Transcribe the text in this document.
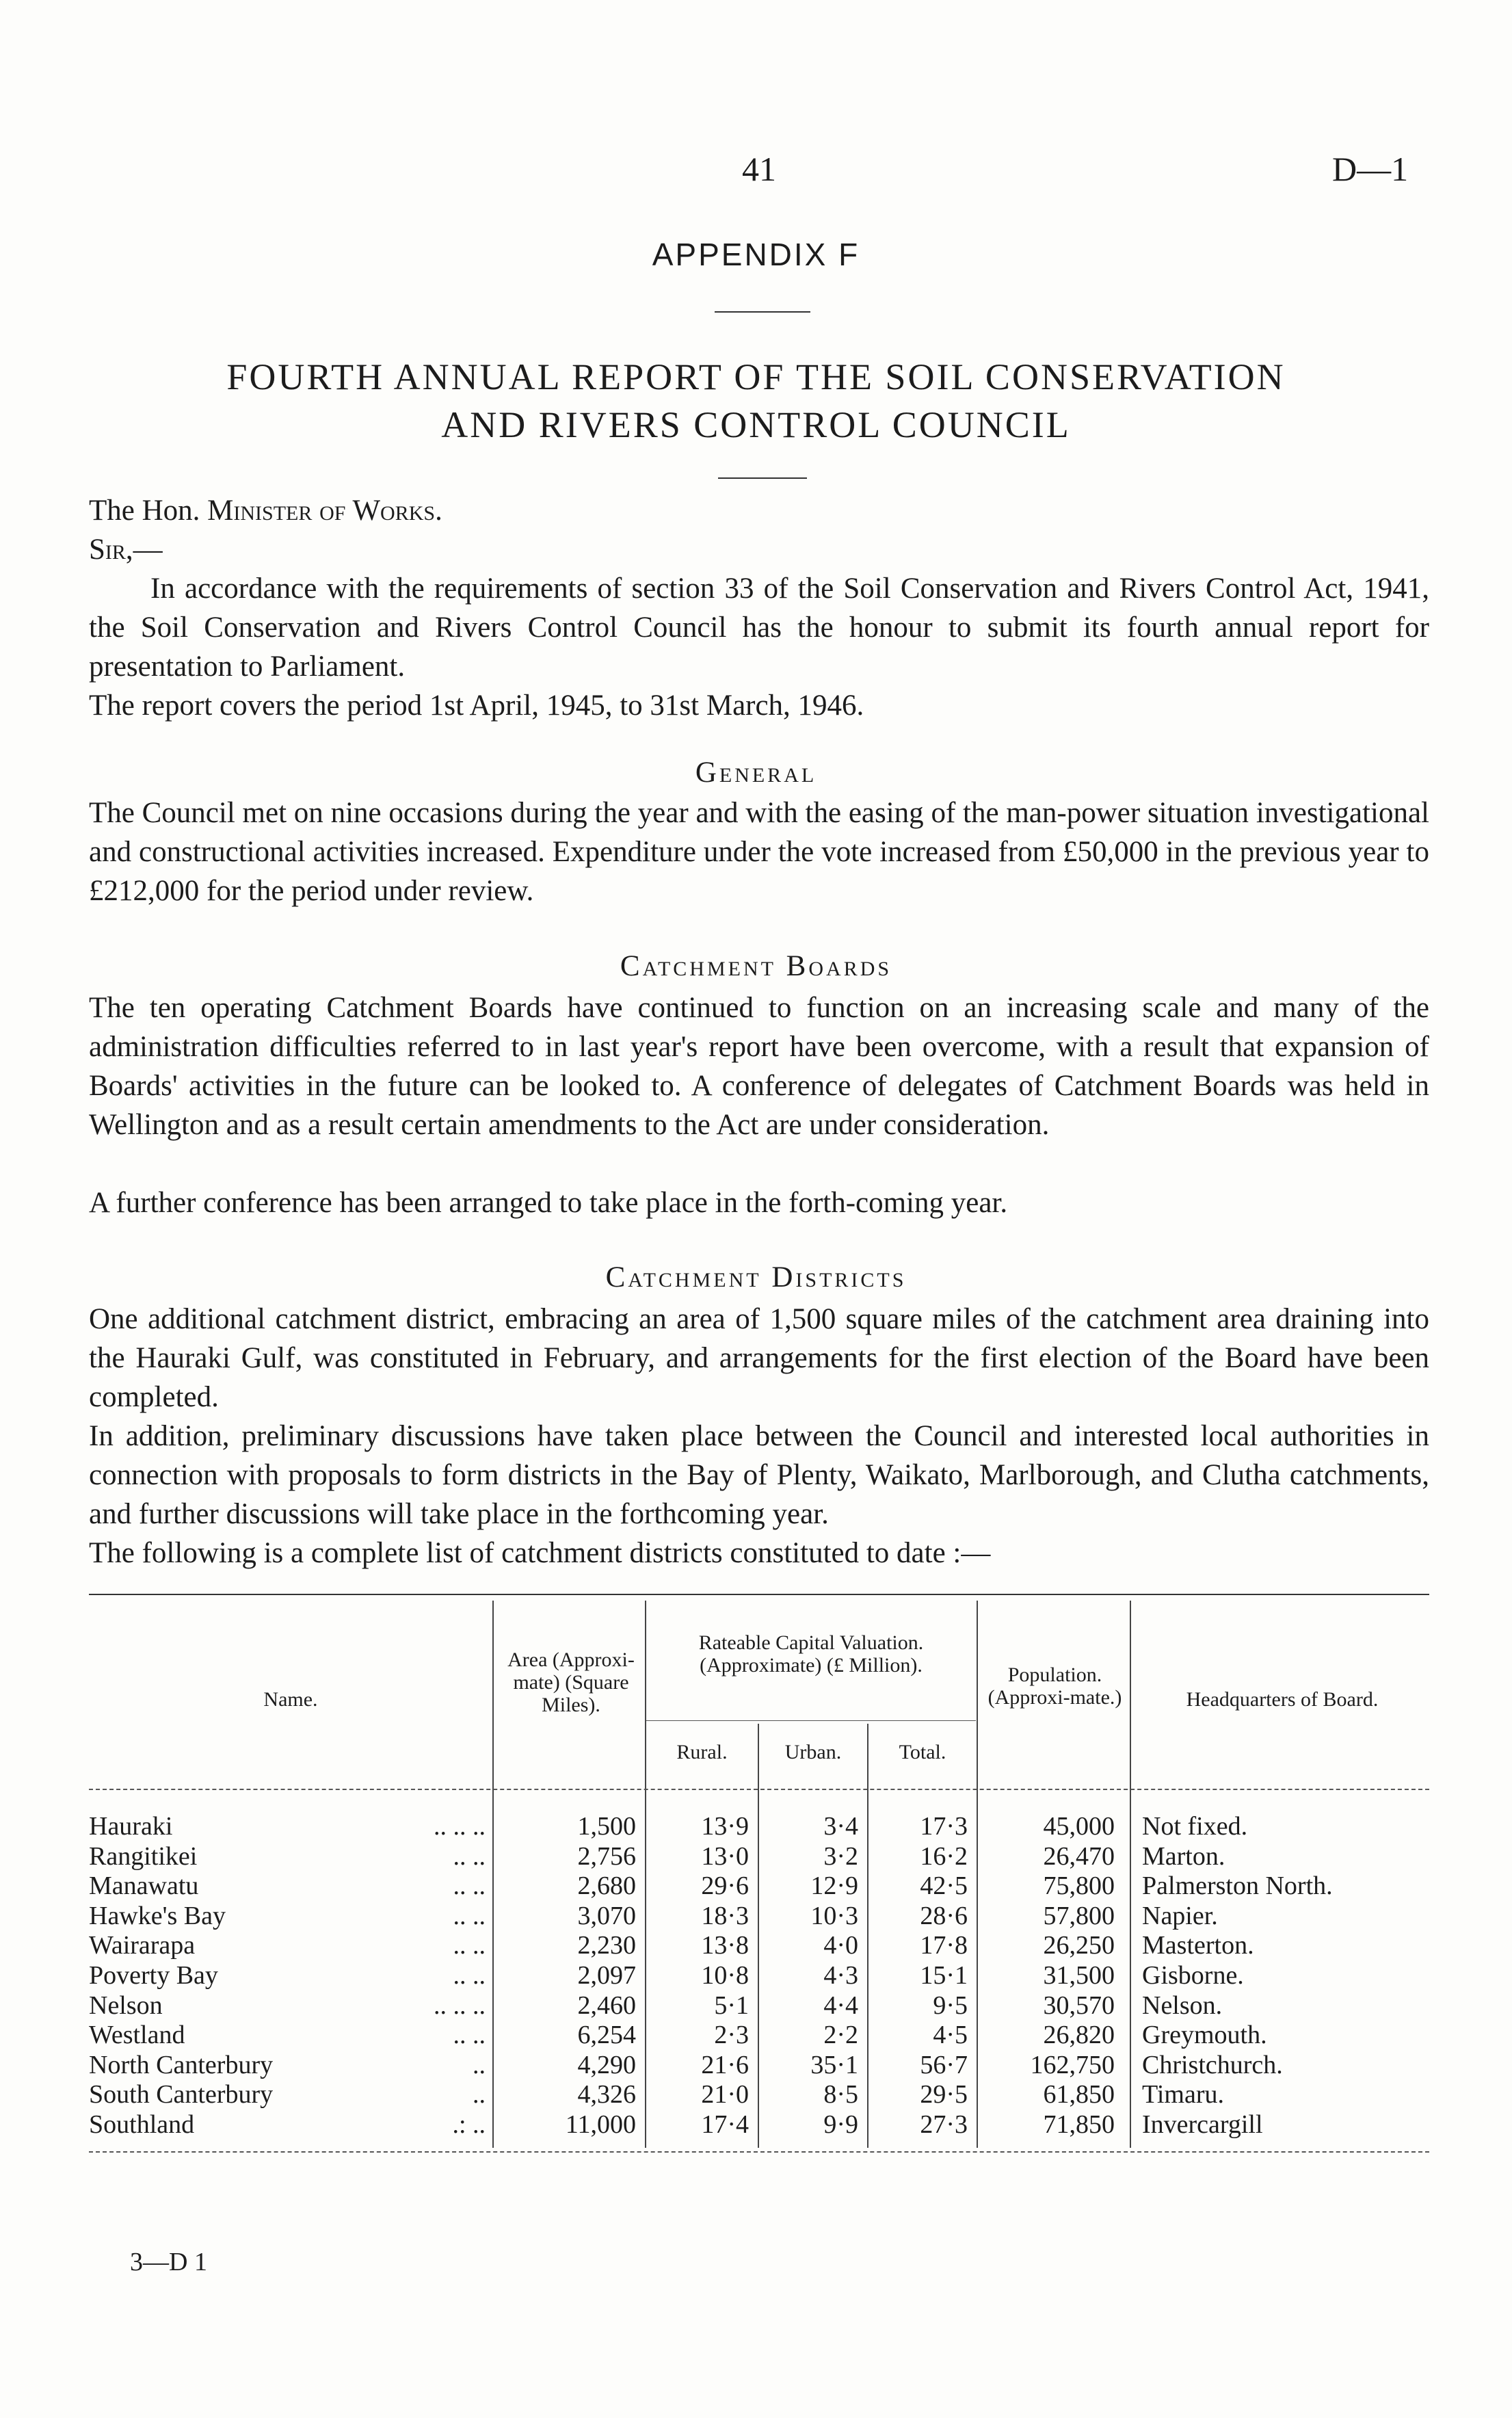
41	D—1
APPENDIX F
FOURTH ANNUAL REPORT OF THE SOIL CONSERVATION
AND RIVERS CONTROL COUNCIL
The Hon. Minister of Works.
Sir,—

In accordance with the requirements of section 33 of the Soil Conservation and Rivers Control Act, 1941, the Soil Conservation and Rivers Control Council has the honour to submit its fourth annual report for presentation to Parliament.

The report covers the period 1st April, 1945, to 31st March, 1946.

General

The Council met on nine occasions during the year and with the easing of the man-power situation investigational and constructional activities increased. Expenditure under the vote increased from £50,000 in the previous year to £212,000 for the period under review.

Catchment Boards

The ten operating Catchment Boards have continued to function on an increasing scale and many of the administration difficulties referred to in last year's report have been overcome, with a result that expansion of Boards' activities in the future can be looked to. A conference of delegates of Catchment Boards was held in Wellington and as a result certain amendments to the Act are under consideration.

A further conference has been arranged to take place in the forth-coming year.

Catchment Districts

One additional catchment district, embracing an area of 1,500 square miles of the catchment area draining into the Hauraki Gulf, was constituted in February, and arrangements for the first election of the Board have been completed.

In addition, preliminary discussions have taken place between the Council and interested local authorities in connection with proposals to form districts in the Bay of Plenty, Waikato, Marlborough, and Clutha catchments, and further discussions will take place in the forthcoming year.

The following is a complete list of catchment districts constituted to date :—

Name.
Area (Approxi-mate) (Square Miles).
Rateable Capital Valuation. (Approximate) (£ Million).
Rural.	Urban.	Total.
Population. (Approxi-mate.)	Headquarters of Board.
Hauraki	.. .. ..	1,500	13·9	3·4	17·3	45,000 Not fixed.
Rangitikei	.. ..	2,756	13·0	3·2	16·2	26,470 Marton.
Manawatu	.. ..	2,680	29·6	12·9	42·5	75,800 Palmerston North.
Hawke's Bay	.. ..	3,070	18·3	10·3	28·6	57,800 Napier.
Wairarapa	.. ..	2,230	13·8	4·0	17·8	26,250 Masterton.
Poverty Bay	.. ..	2,097	10·8	4·3	15·1	31,500 Gisborne.
Nelson	.. .. ..	2,460	5·1	4·4	9·5	30,570 Nelson.
Westland	.. ..	6,254	2·3	2·2	4·5	26,820 Greymouth.
North Canterbury	..	4,290	21·6	35·1	56·7	162,750 Christchurch.
South Canterbury	..	4,326	21·0	8·5	29·5	61,850 Timaru.
Southland	.: ..	11,000	17·4	9·9	27·3	71,850 Invercargill
3—D 1
